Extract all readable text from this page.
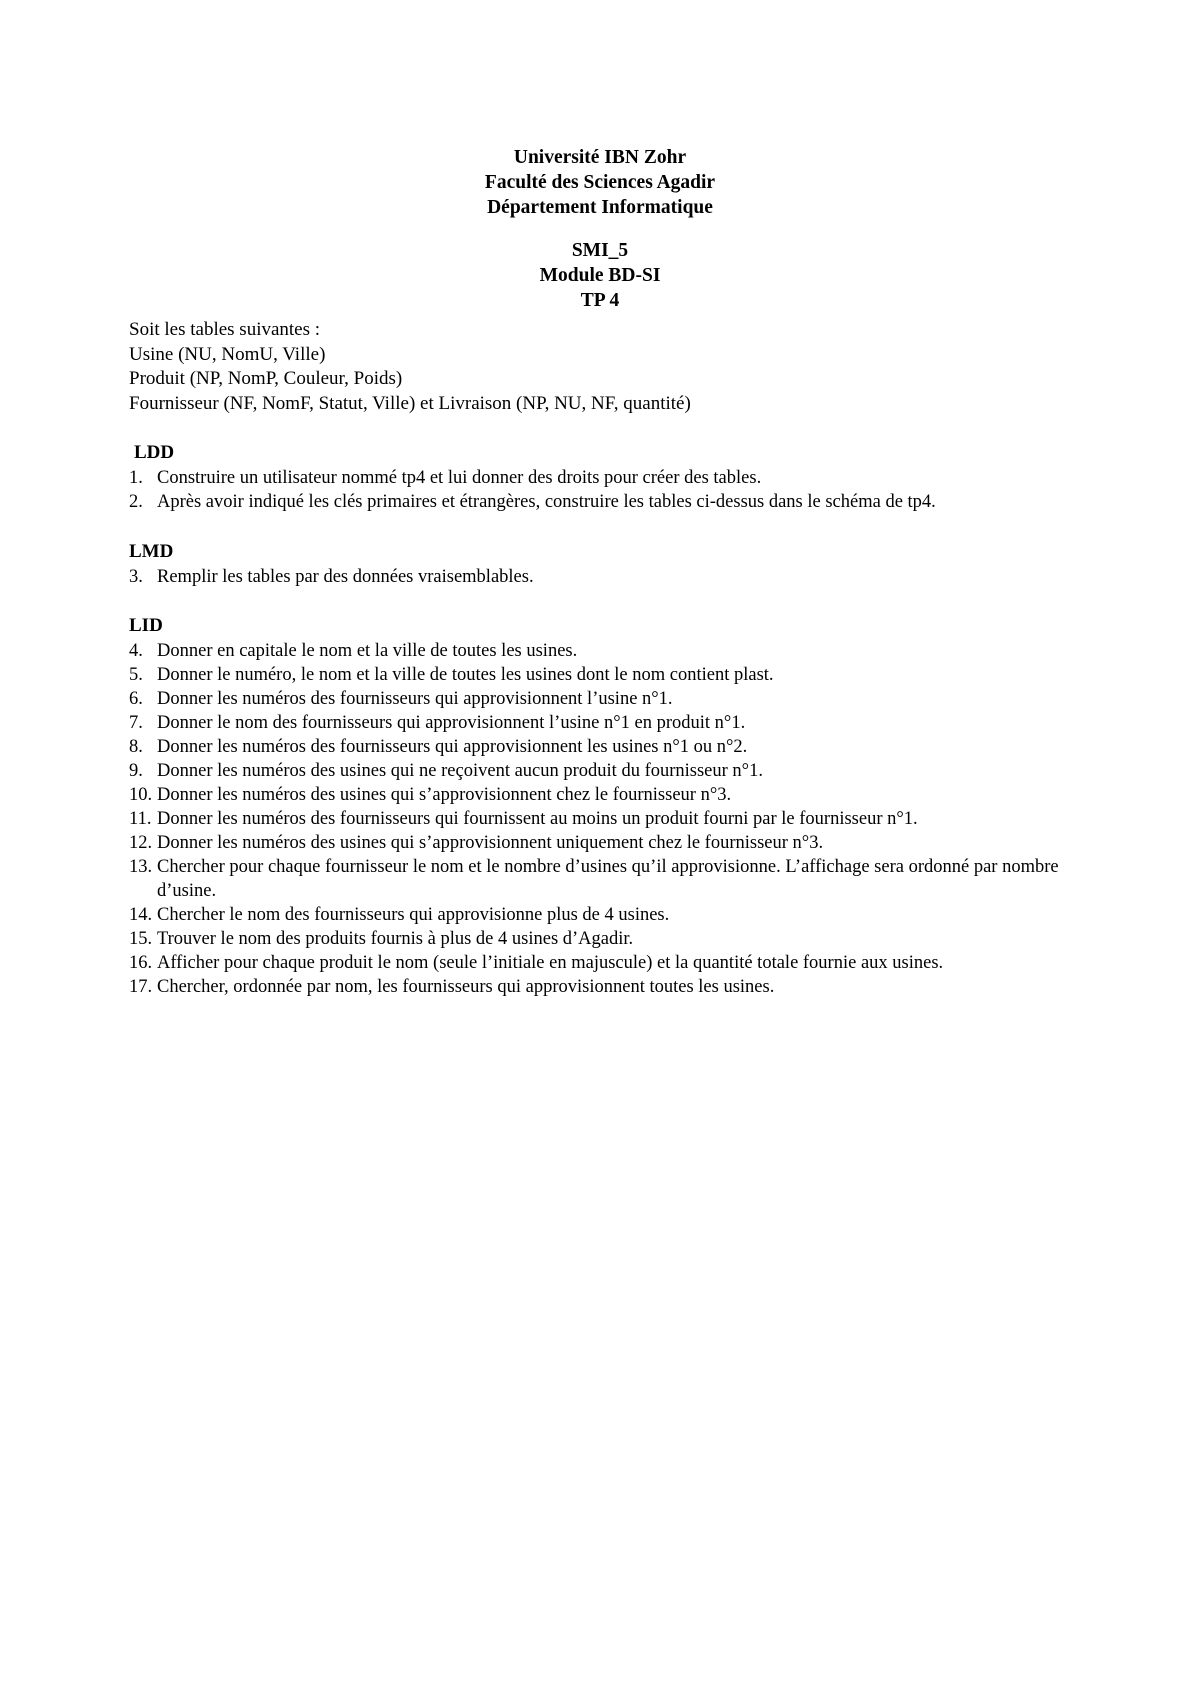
Université IBN Zohr
Faculté des Sciences Agadir
Département Informatique
SMI_5
Module BD-SI
TP 4
Soit les tables suivantes :
Usine (NU, NomU, Ville)
Produit (NP, NomP, Couleur, Poids)
Fournisseur (NF, NomF, Statut, Ville) et Livraison (NP, NU, NF, quantité)
LDD
1. Construire un utilisateur nommé tp4 et lui donner des droits pour créer des tables.
2. Après avoir indiqué les clés primaires et étrangères, construire les tables ci-dessus dans le schéma de tp4.
LMD
3. Remplir les tables par des données vraisemblables.
LID
4. Donner en capitale le nom et la ville de toutes les usines.
5. Donner le numéro, le nom et la ville de toutes les usines dont le nom contient plast.
6. Donner les numéros des fournisseurs qui approvisionnent l’usine n°1.
7. Donner le nom des fournisseurs qui approvisionnent l’usine n°1 en produit n°1.
8. Donner les numéros des fournisseurs qui approvisionnent les usines n°1 ou n°2.
9. Donner les numéros des usines qui ne reçoivent aucun produit du fournisseur n°1.
10. Donner les numéros des usines qui s’approvisionnent chez le fournisseur n°3.
11. Donner les numéros des fournisseurs qui fournissent au moins un produit fourni par le fournisseur n°1.
12. Donner les numéros des usines qui s’approvisionnent uniquement chez le fournisseur n°3.
13. Chercher pour chaque fournisseur le nom et le nombre d’usines qu’il approvisionne. L’affichage sera ordonné par nombre d’usine.
14. Chercher le nom des fournisseurs qui approvisionne plus de 4 usines.
15. Trouver le nom des produits fournis à plus de 4 usines d’Agadir.
16. Afficher pour chaque produit le nom (seule l’initiale en majuscule) et la quantité totale fournie aux usines.
17. Chercher, ordonnée par nom, les fournisseurs qui approvisionnent toutes les usines.
